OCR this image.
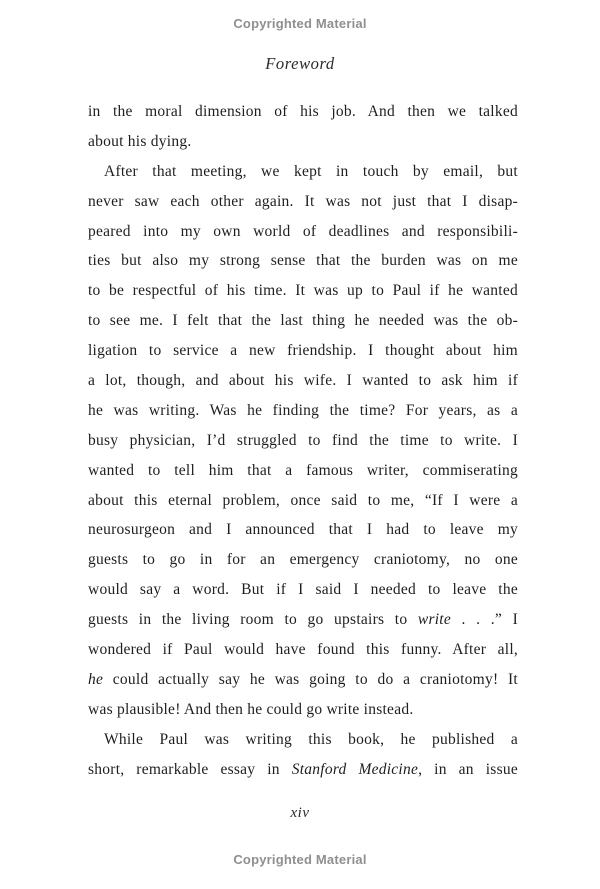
Copyrighted Material
Foreword
in the moral dimension of his job. And then we talked
about his dying.
After that meeting, we kept in touch by email, but
never saw each other again. It was not just that I disap-
peared into my own world of deadlines and responsibili-
ties but also my strong sense that the burden was on me
to be respectful of his time. It was up to Paul if he wanted
to see me. I felt that the last thing he needed was the ob-
ligation to service a new friendship. I thought about him
a lot, though, and about his wife. I wanted to ask him if
he was writing. Was he finding the time? For years, as a
busy physician, I’d struggled to find the time to write. I
wanted to tell him that a famous writer, commiserating
about this eternal problem, once said to me, “If I were a
neurosurgeon and I announced that I had to leave my
guests to go in for an emergency craniotomy, no one
would say a word. But if I said I needed to leave the
guests in the living room to go upstairs to write . . .” I
wondered if Paul would have found this funny. After all,
he could actually say he was going to do a craniotomy! It
was plausible! And then he could go write instead.
While Paul was writing this book, he published a
short, remarkable essay in Stanford Medicine, in an issue
xiv
Copyrighted Material
